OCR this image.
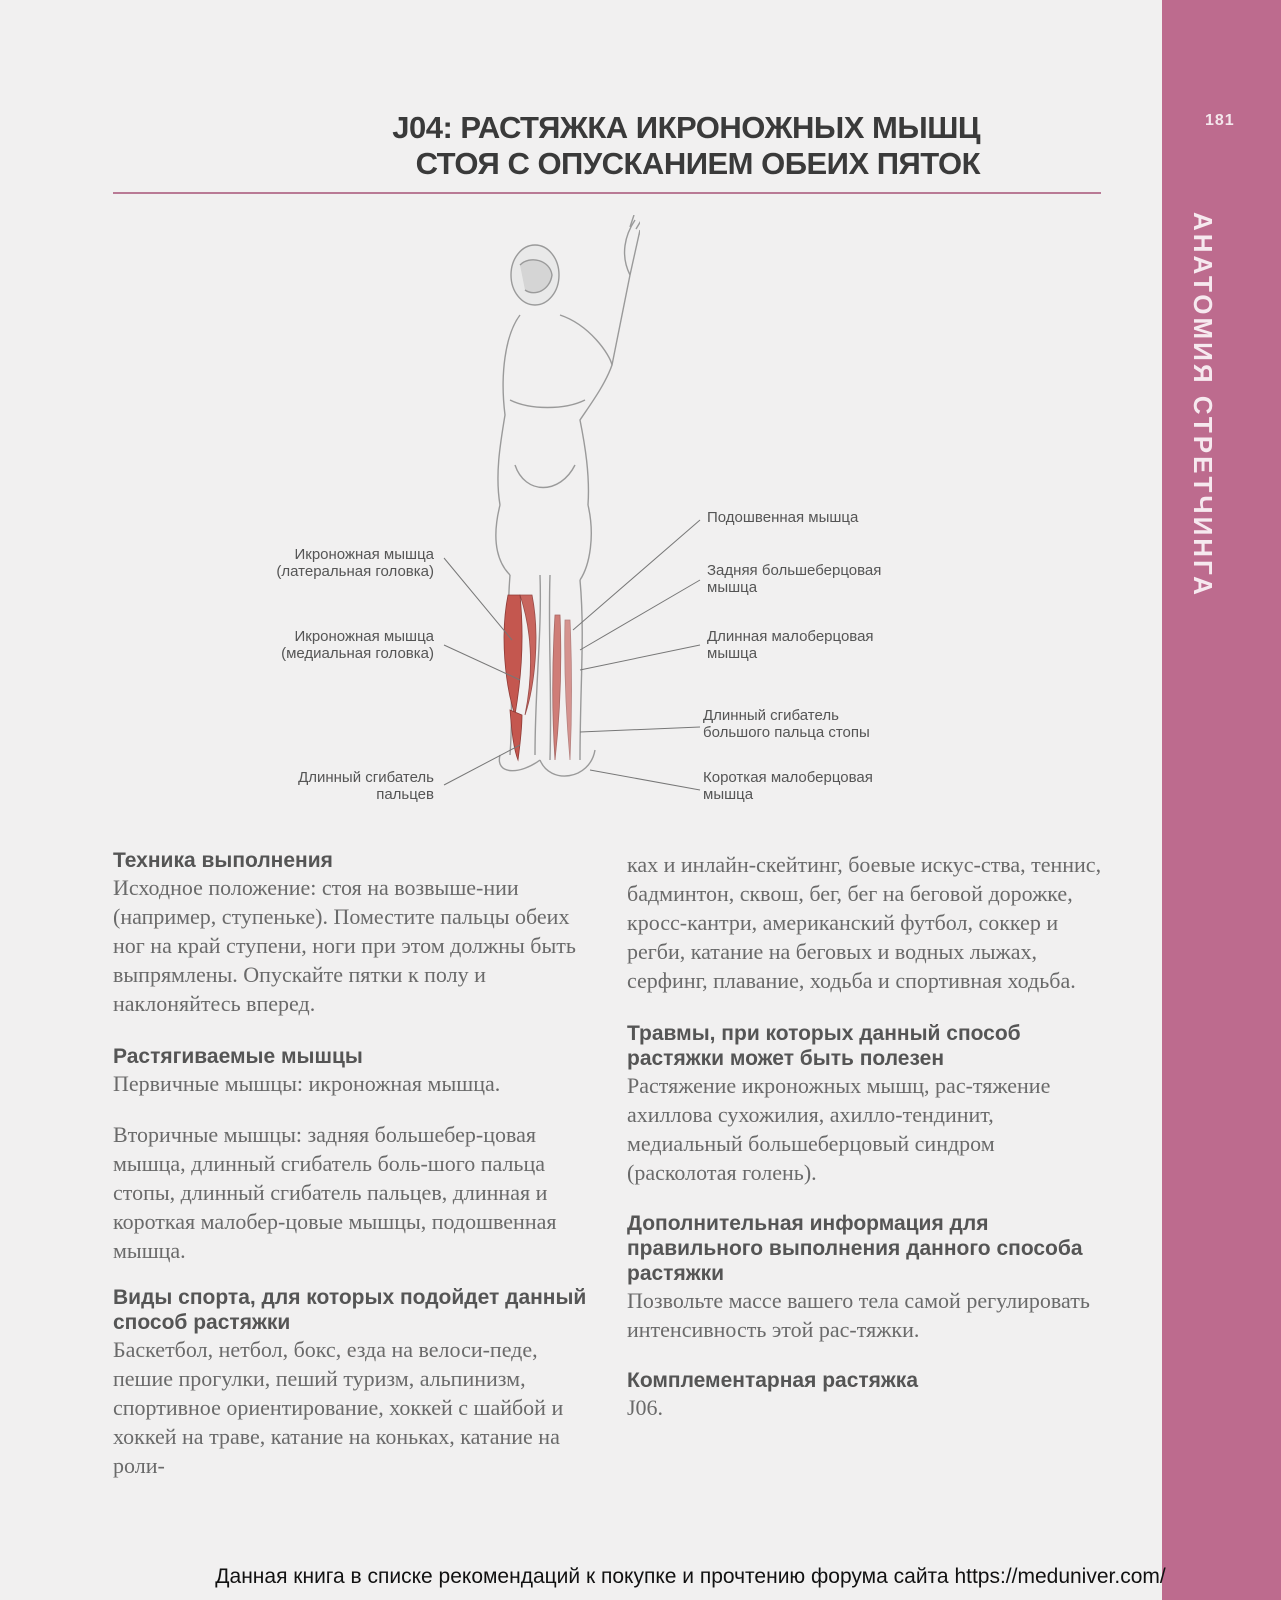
J04: РАСТЯЖКА ИКРОНОЖНЫХ МЫШЦ
СТОЯ С ОПУСКАНИЕМ ОБЕИХ ПЯТОК
Икроножная мышца
(латеральная головка)
Икроножная мышца
(медиальная головка)
Длинный сгибатель
пальцев
Подошвенная мышца
Задняя большеберцовая
мышца
Длинная малоберцовая
мышца
Длинный сгибатель
большого пальца стопы
Короткая малоберцовая
мышца
Техника выполнения

Исходное положение: стоя на возвыше-нии (например, ступеньке). Поместите пальцы обеих ног на край ступени, ноги при этом должны быть выпрямлены. Опускайте пятки к полу и наклоняйтесь вперед.

Растягиваемые мышцы

Первичные мышцы: икроножная мышца.

Вторичные мышцы: задняя большебер-цовая мышца, длинный сгибатель боль-шого пальца стопы, длинный сгибатель пальцев, длинная и короткая малобер-цовые мышцы, подошвенная мышца.

Виды спорта, для которых подойдет данный способ растяжки

Баскетбол, нетбол, бокс, езда на велоси-педе, пешие прогулки, пеший туризм, альпинизм, спортивное ориентирование, хоккей с шайбой и хоккей на траве, катание на коньках, катание на роли-

ках и инлайн-скейтинг, боевые искус-ства, теннис, бадминтон, сквош, бег, бег на беговой дорожке, кросс-кантри, американский футбол, соккер и регби, катание на беговых и водных лыжах, серфинг, плавание, ходьба и спортивная ходьба.

Травмы, при которых данный способ растяжки может быть полезен

Растяжение икроножных мышц, рас-тяжение ахиллова сухожилия, ахилло-тендинит, медиальный большеберцовый синдром (расколотая голень).

Дополнительная информация для правильного выполнения данного способа растяжки

Позвольте массе вашего тела самой регулировать интенсивность этой рас-тяжки.

Комплементарная растяжка

J06.

181
АНАТОМИЯ СТРЕТЧИНГА
Данная книга в списке рекомендаций к покупке и прочтению форума сайта https://meduniver.com/
